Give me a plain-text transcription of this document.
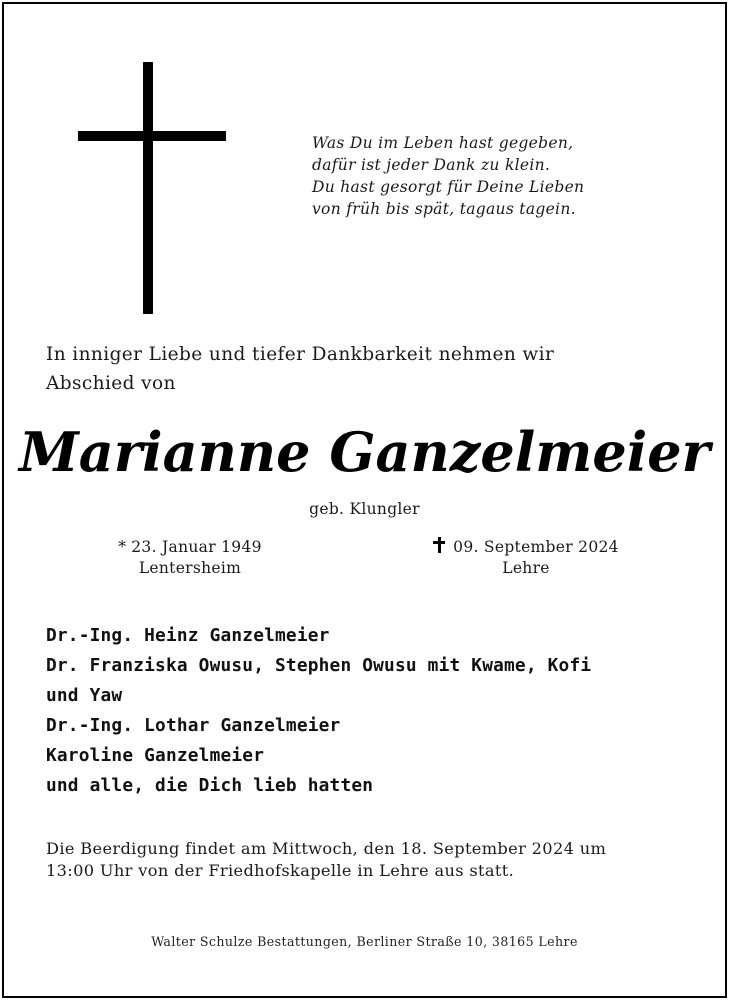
Was Du im Leben hast gegeben,
dafür ist jeder Dank zu klein.
Du hast gesorgt für Deine Lieben
von früh bis spät, tagaus tagein.
In inniger Liebe und tiefer Dankbarkeit nehmen wir
Abschied von
Marianne Ganzelmeier
geb. Klungler
* 23. Januar 1949
Lentersheim
09. September 2024
Lehre
Dr.-Ing. Heinz Ganzelmeier
Dr. Franziska Owusu, Stephen Owusu mit Kwame, Kofi
und Yaw
Dr.-Ing. Lothar Ganzelmeier
Karoline Ganzelmeier
und alle, die Dich lieb hatten
Die Beerdigung findet am Mittwoch, den 18. September 2024 um
13:00 Uhr von der Friedhofskapelle in Lehre aus statt.
Walter Schulze Bestattungen, Berliner Straße 10, 38165 Lehre
